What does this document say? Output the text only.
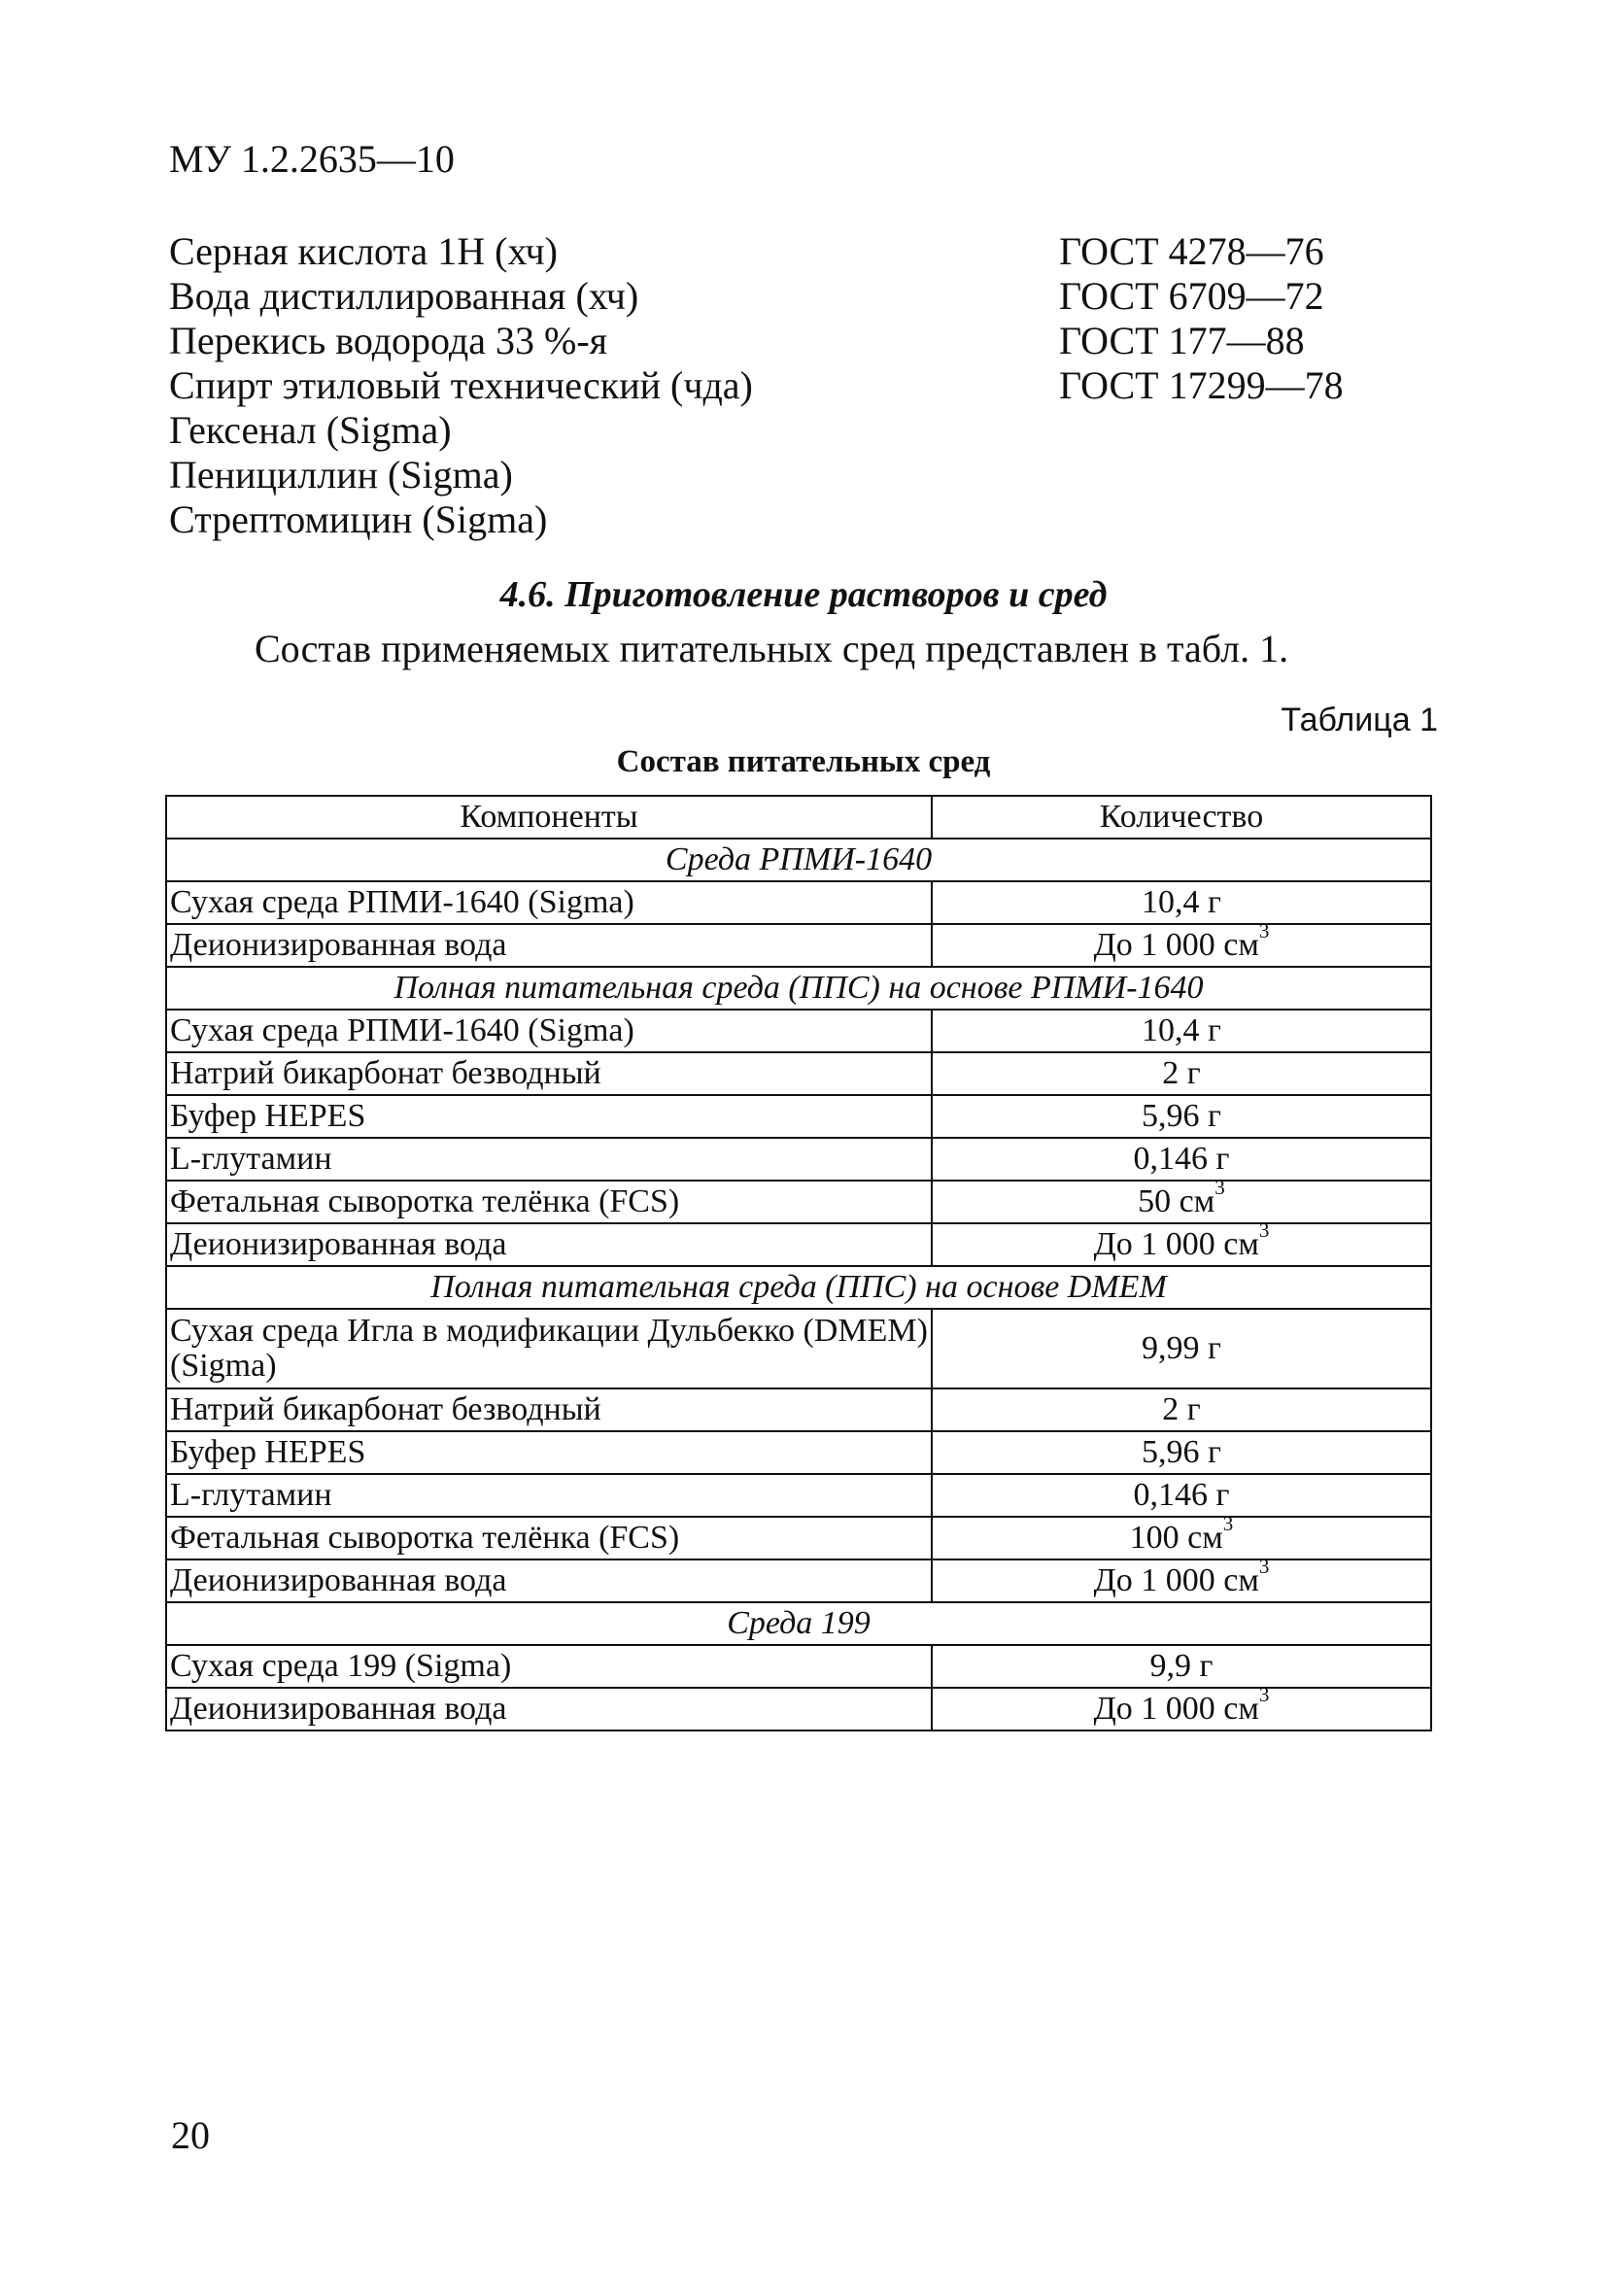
МУ 1.2.2635—10
Серная кислота 1Н (хч)	ГОСТ 4278—76
Вода дистиллированная (хч)	ГОСТ 6709—72
Перекись водорода 33 %-я	ГОСТ 177—88
Спирт этиловый технический (чда)	ГОСТ 17299—78
Гексенал (Sigma)
Пенициллин (Sigma)
Стрептомицин (Sigma)
4.6. Приготовление растворов и сред
Состав применяемых питательных сред представлен в табл. 1.
Таблица 1
Состав питательных сред
Компоненты	Количество
Среда РПМИ-1640	
Сухая среда РПМИ-1640 (Sigma)	10,4 г
Деионизированная вода	До 1 000 $см^3$
Полная питательная среда (ППС) на основе РПМИ-1640	
Сухая среда РПМИ-1640 (Sigma)	10,4 г
Натрий бикарбонат безводный	2 г
Буфер HEPES	5,96 г
L-глутамин	0,146 г
Фетальная сыворотка телёнка (FCS)	50 $см^3$
Деионизированная вода	До 1 000 $см^3$
Полная питательная среда (ППС) на основе DMEM	
Сухая среда Игла в модификации Дульбекко (DMEM) (Sigma)	9,99 г
Натрий бикарбонат безводный	2 г
Буфер HEPES	5,96 г
L-глутамин	0,146 г
Фетальная сыворотка телёнка (FCS)	100 $см^3$
Деионизированная вода	До 1 000 $см^3$
Среда 199	
Сухая среда 199 (Sigma)	9,9 г
Деионизированная вода	До 1 000 $см^3$
20
